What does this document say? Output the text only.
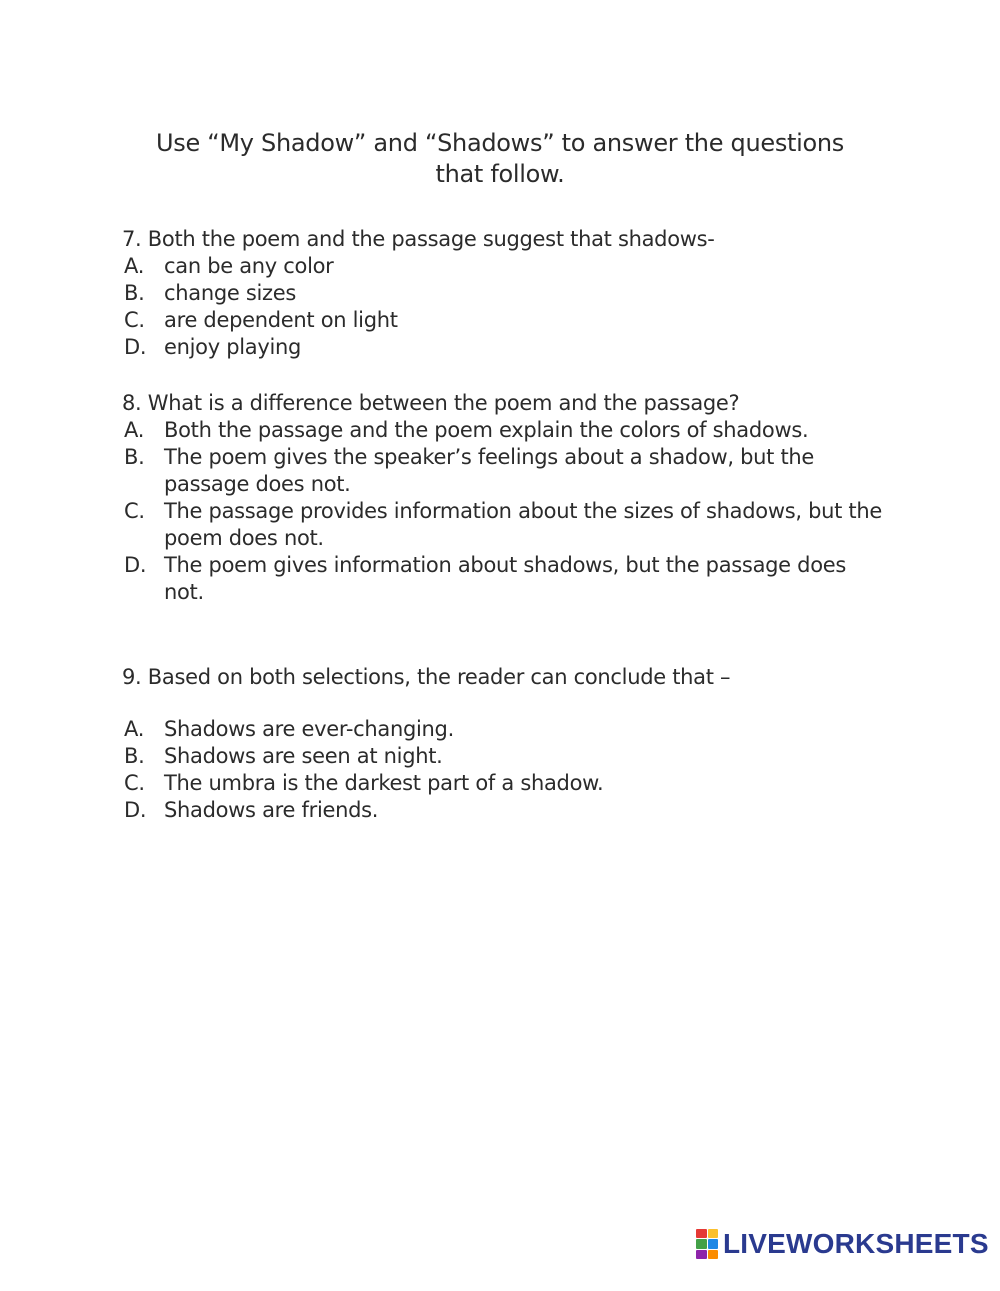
Use “My Shadow” and “Shadows” to answer the questions
that follow.

7. Both the poem and the passage suggest that shadows-

A. can be any color
B. change sizes
C. are dependent on light
D. enjoy playing

8. What is a difference between the poem and the passage?

A. Both the passage and the poem explain the colors of shadows.
B. The poem gives the speaker’s feelings about a shadow, but the passage does not.
C. The passage provides information about the sizes of shadows, but the poem does not.
D. The poem gives information about shadows, but the passage does not.

9. Based on both selections, the reader can conclude that –

A. Shadows are ever-changing.
B. Shadows are seen at night.
C. The umbra is the darkest part of a shadow.
D. Shadows are friends.
LIVEWORKSHEETS
